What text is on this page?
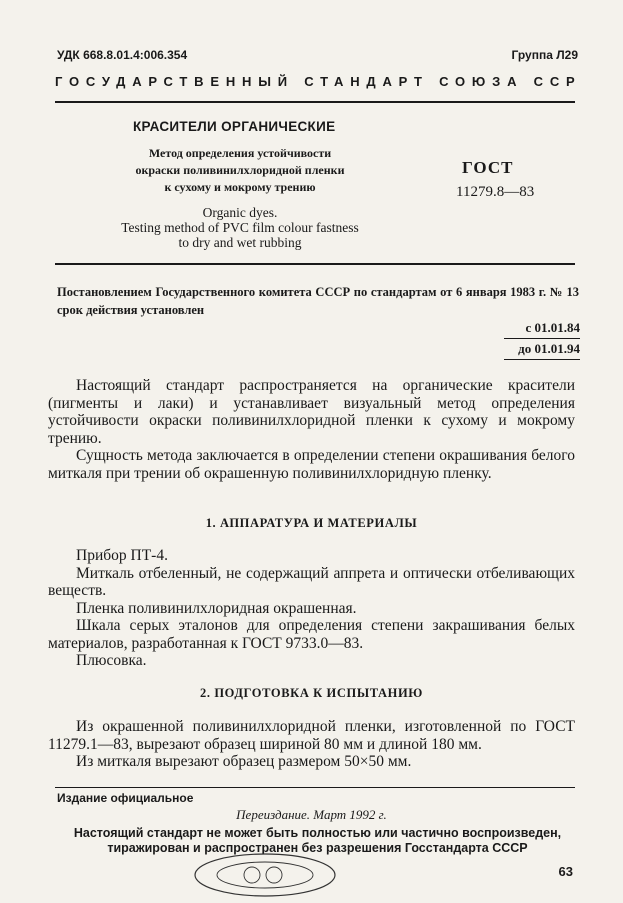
УДК 668.8.01.4:006.354	Группа Л29
ГОСУДАРСТВЕННЫЙ СТАНДАРТ СОЮЗА ССР
КРАСИТЕЛИ ОРГАНИЧЕСКИЕ
Метод определения устойчивости
окраски поливинилхлоридной пленки
к сухому и мокрому трению
ГОСТ
11279.8—83
Organic dyes.
Testing method of PVC film colour fastness
to dry and wet rubbing
Постановлением Государственного комитета СССР по стандартам от 6 января 1983 г. № 13 срок действия установлен
с 01.01.84
до 01.01.94

Настоящий стандарт распространяется на органические красители (пигменты и лаки) и устанавливает визуальный метод определения устойчивости окраски поливинилхлоридной пленки к сухому и мокрому трению.

Сущность метода заключается в определении степени окрашивания белого миткаля при трении об окрашенную поливинилхлоридную пленку.

1. АППАРАТУРА И МАТЕРИАЛЫ

Прибор ПТ-4.

Миткаль отбеленный, не содержащий аппрета и оптически отбеливающих веществ.

Пленка поливинилхлоридная окрашенная.

Шкала серых эталонов для определения степени закрашивания белых материалов, разработанная к ГОСТ 9733.0—83.

Плюсовка.

2. ПОДГОТОВКА К ИСПЫТАНИЮ

Из окрашенной поливинилхлоридной пленки, изготовленной по ГОСТ 11279.1—83, вырезают образец шириной 80 мм и длиной 180 мм.

Из миткаля вырезают образец размером 50×50 мм.

Издание официальное
Переиздание. Март 1992 г.
Настоящий стандарт не может быть полностью или частично воспроизведен, тиражирован и распространен без разрешения Госстандарта СССР
63
